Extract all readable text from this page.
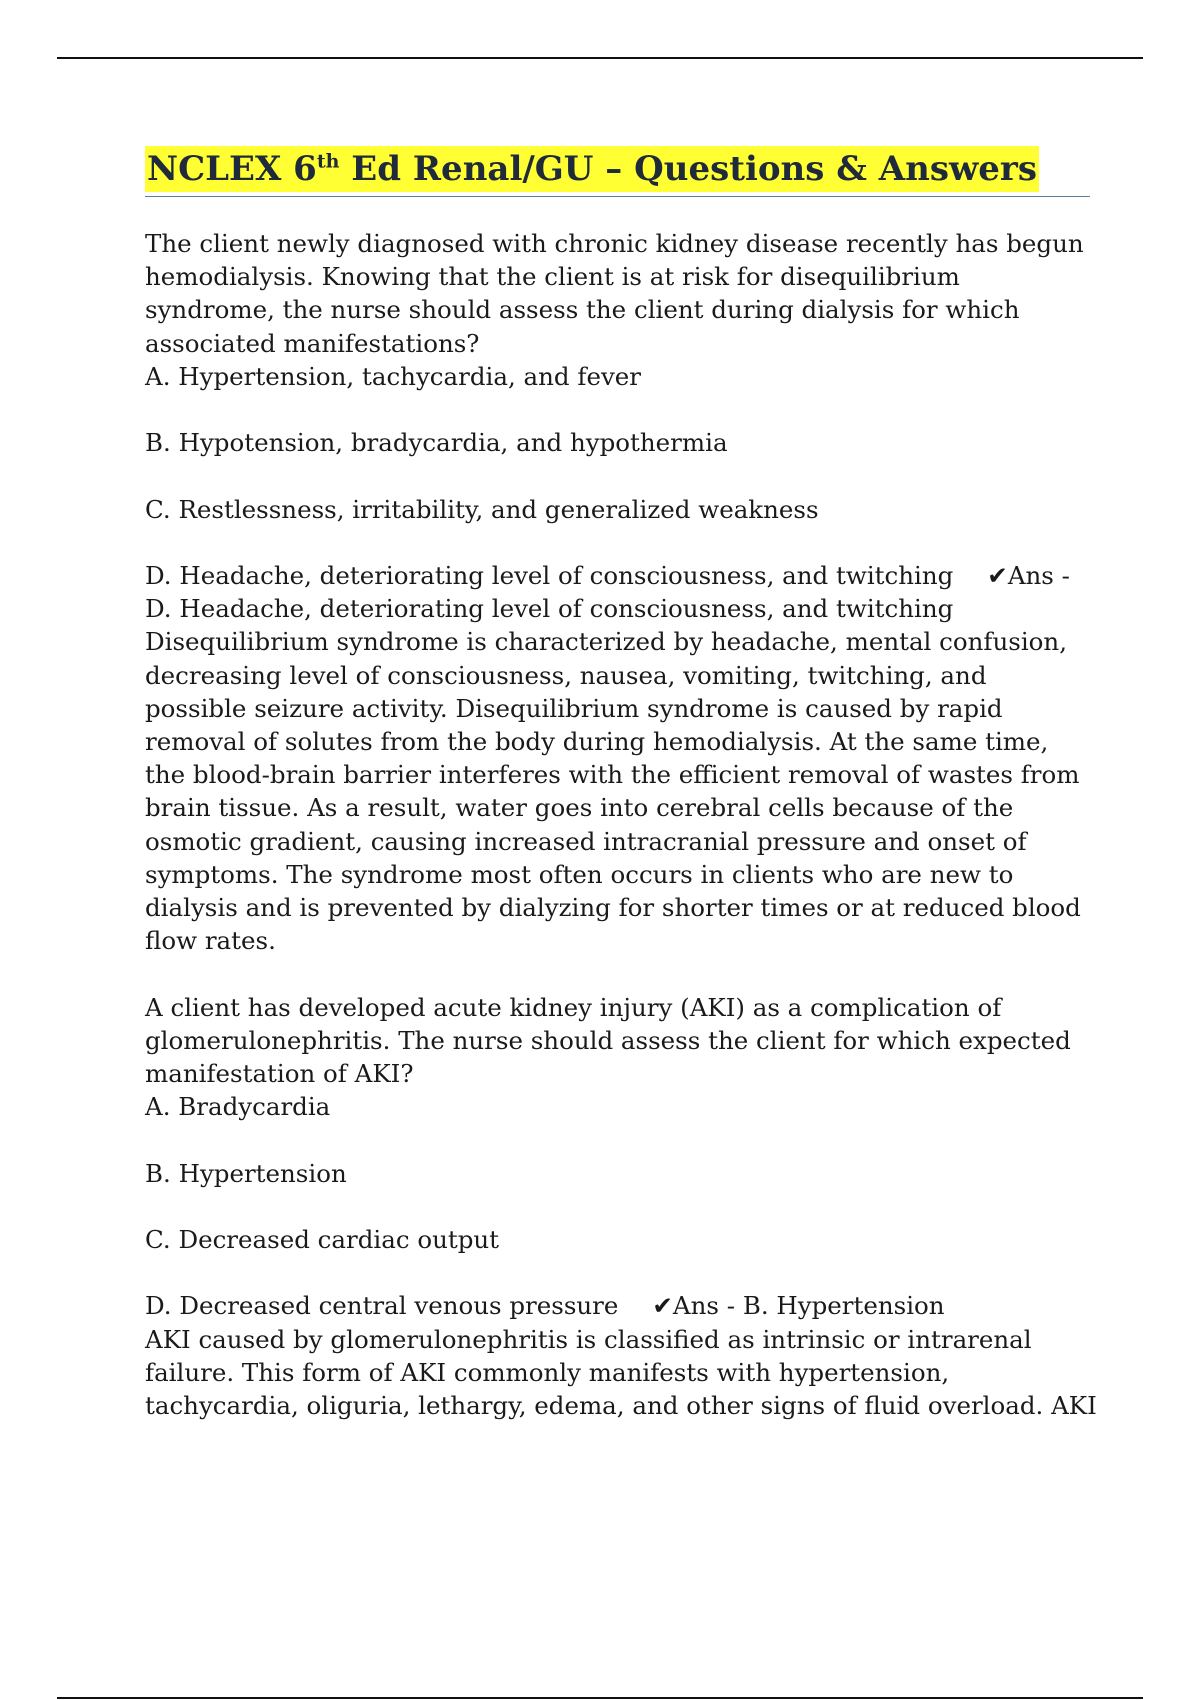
NCLEX 6th Ed Renal/GU – Questions & Answers
The client newly diagnosed with chronic kidney disease recently has begun
hemodialysis. Knowing that the client is at risk for disequilibrium
syndrome, the nurse should assess the client during dialysis for which
associated manifestations?
A. Hypertension, tachycardia, and fever
B. Hypotension, bradycardia, and hypothermia
C. Restlessness, irritability, and generalized weakness
D. Headache, deteriorating level of consciousness, and twitching ✔Ans -
D. Headache, deteriorating level of consciousness, and twitching
Disequilibrium syndrome is characterized by headache, mental confusion,
decreasing level of consciousness, nausea, vomiting, twitching, and
possible seizure activity. Disequilibrium syndrome is caused by rapid
removal of solutes from the body during hemodialysis. At the same time,
the blood-brain barrier interferes with the efficient removal of wastes from
brain tissue. As a result, water goes into cerebral cells because of the
osmotic gradient, causing increased intracranial pressure and onset of
symptoms. The syndrome most often occurs in clients who are new to
dialysis and is prevented by dialyzing for shorter times or at reduced blood
flow rates.
A client has developed acute kidney injury (AKI) as a complication of
glomerulonephritis. The nurse should assess the client for which expected
manifestation of AKI?
A. Bradycardia
B. Hypertension
C. Decreased cardiac output
D. Decreased central venous pressure ✔Ans - B. Hypertension
AKI caused by glomerulonephritis is classified as intrinsic or intrarenal
failure. This form of AKI commonly manifests with hypertension,
tachycardia, oliguria, lethargy, edema, and other signs of fluid overload. AKI
